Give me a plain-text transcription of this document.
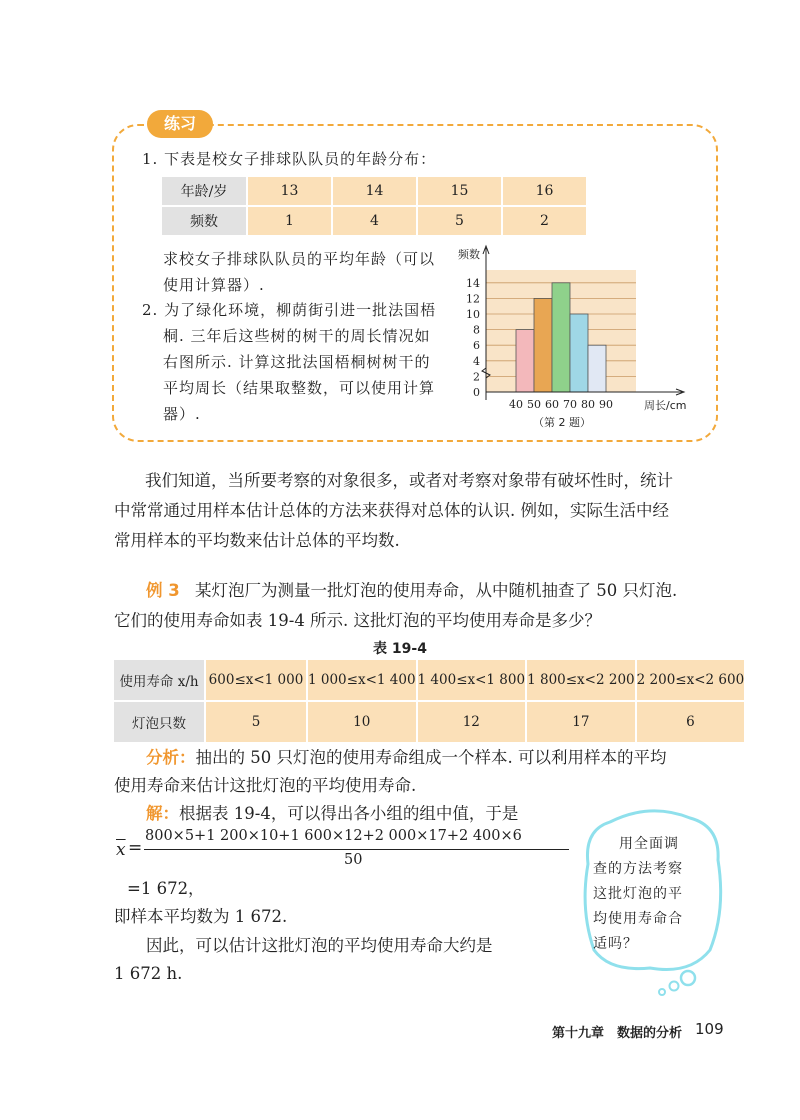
练习
1. 下表是校女子排球队队员的年龄分布：
年龄/岁	13	14	15	16
频数	1	4	5	2
求校女子排球队队员的平均年龄（可以
使用计算器）.
2. 为了绿化环境，柳荫街引进一批法国梧
桐. 三年后这些树的树干的周长情况如
右图所示. 计算这批法国梧桐树树干的
平均周长（结果取整数，可以使用计算
器）.
0
2
4
6
8
10
12
14
40 50 60 70 80 90
频数
周长/cm
（第 2 题）
我们知道，当所要考察的对象很多，或者对考察对象带有破坏性时，统计
中常常通过用样本估计总体的方法来获得对总体的认识. 例如，实际生活中经
常用样本的平均数来估计总体的平均数.
例 3 某灯泡厂为测量一批灯泡的使用寿命，从中随机抽查了 50 只灯泡.
它们的使用寿命如表 19-4 所示. 这批灯泡的平均使用寿命是多少？
表 19-4
使用寿命 x/h	600≤x<1 000	1 000≤x<1 400	1 400≤x<1 800	1 800≤x<2 200	2 200≤x<2 600
灯泡只数	5	10	12	17	6
分析：抽出的 50 只灯泡的使用寿命组成一个样本. 可以利用样本的平均
使用寿命来估计这批灯泡的平均使用寿命.
解：根据表 19-4，可以得出各小组的组中值，于是
$\overline{x}$ =
800×5+1 200×10+1 600×12+2 000×17+2 400×6
50
=1 672，
即样本平均数为 1 672.
因此，可以估计这批灯泡的平均使用寿命大约是
1 672 h.
用全面调
查的方法考察
这批灯泡的平
均使用寿命合
适吗？
第十九章　数据的分析 109
